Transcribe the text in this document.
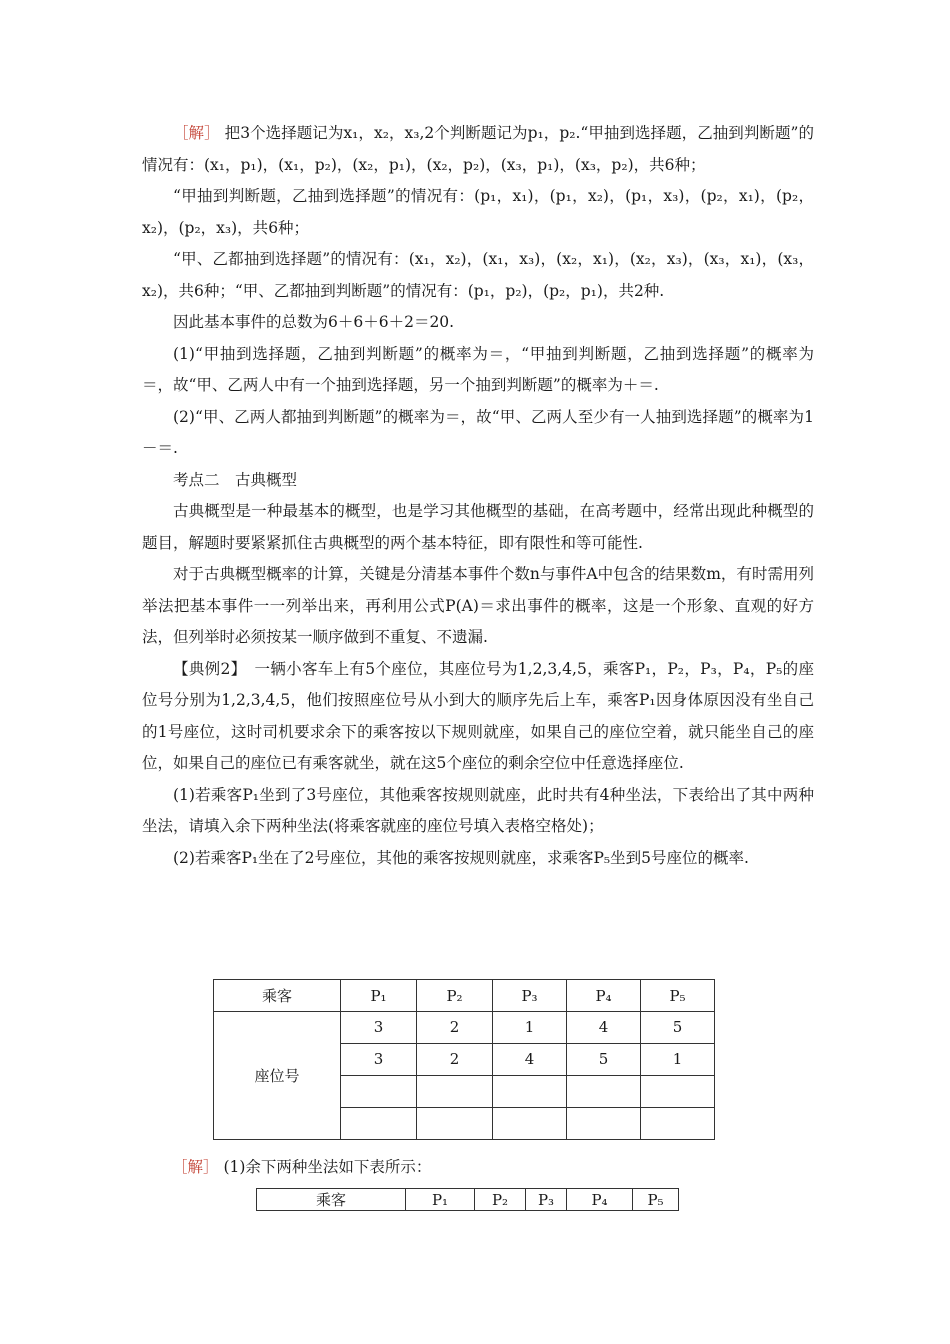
［解］ 把3个选择题记为x₁，x₂，x₃,2个判断题记为p₁，p₂.“甲抽到选择题，乙抽到判断题”的情况有：(x₁，p₁)，(x₁，p₂)，(x₂，p₁)，(x₂，p₂)，(x₃，p₁)，(x₃，p₂)，共6种；

“甲抽到判断题，乙抽到选择题”的情况有：(p₁，x₁)，(p₁，x₂)，(p₁，x₃)，(p₂，x₁)，(p₂，x₂)，(p₂，x₃)，共6种；

“甲、乙都抽到选择题”的情况有：(x₁，x₂)，(x₁，x₃)，(x₂，x₁)，(x₂，x₃)，(x₃，x₁)，(x₃，x₂)，共6种；“甲、乙都抽到判断题”的情况有：(p₁，p₂)，(p₂，p₁)，共2种.

因此基本事件的总数为6＋6＋6＋2＝20.

(1)“甲抽到选择题，乙抽到判断题”的概率为＝，“甲抽到判断题，乙抽到选择题”的概率为＝，故“甲、乙两人中有一个抽到选择题，另一个抽到判断题”的概率为＋＝.

(2)“甲、乙两人都抽到判断题”的概率为＝，故“甲、乙两人至少有一人抽到选择题”的概率为1－＝.

考点二　古典概型

古典概型是一种最基本的概型，也是学习其他概型的基础，在高考题中，经常出现此种概型的题目，解题时要紧紧抓住古典概型的两个基本特征，即有限性和等可能性.

对于古典概型概率的计算，关键是分清基本事件个数n与事件A中包含的结果数m，有时需用列举法把基本事件一一列举出来，再利用公式P(A)＝求出事件的概率，这是一个形象、直观的好方法，但列举时必须按某一顺序做到不重复、不遗漏.

【典例2】　 一辆小客车上有5个座位，其座位号为1,2,3,4,5，乘客P₁，P₂，P₃，P₄，P₅的座位号分别为1,2,3,4,5，他们按照座位号从小到大的顺序先后上车，乘客P₁因身体原因没有坐自己的1号座位，这时司机要求余下的乘客按以下规则就座，如果自己的座位空着，就只能坐自己的座位，如果自己的座位已有乘客就坐，就在这5个座位的剩余空位中任意选择座位.

(1)若乘客P₁坐到了3号座位，其他乘客按规则就座，此时共有4种坐法，下表给出了其中两种坐法，请填入余下两种坐法(将乘客就座的座位号填入表格空格处)；

(2)若乘客P₁坐在了2号座位，其他的乘客按规则就座，求乘客P₅坐到5号座位的概率.

乘客	P₁	P₂	P₃	P₄	P₅
座位号	3	2	1	4	5
	3	2	4	5	1

［解］ (1)余下两种坐法如下表所示：
乘客	P₁	P₂	P₃	P₄	P₅
